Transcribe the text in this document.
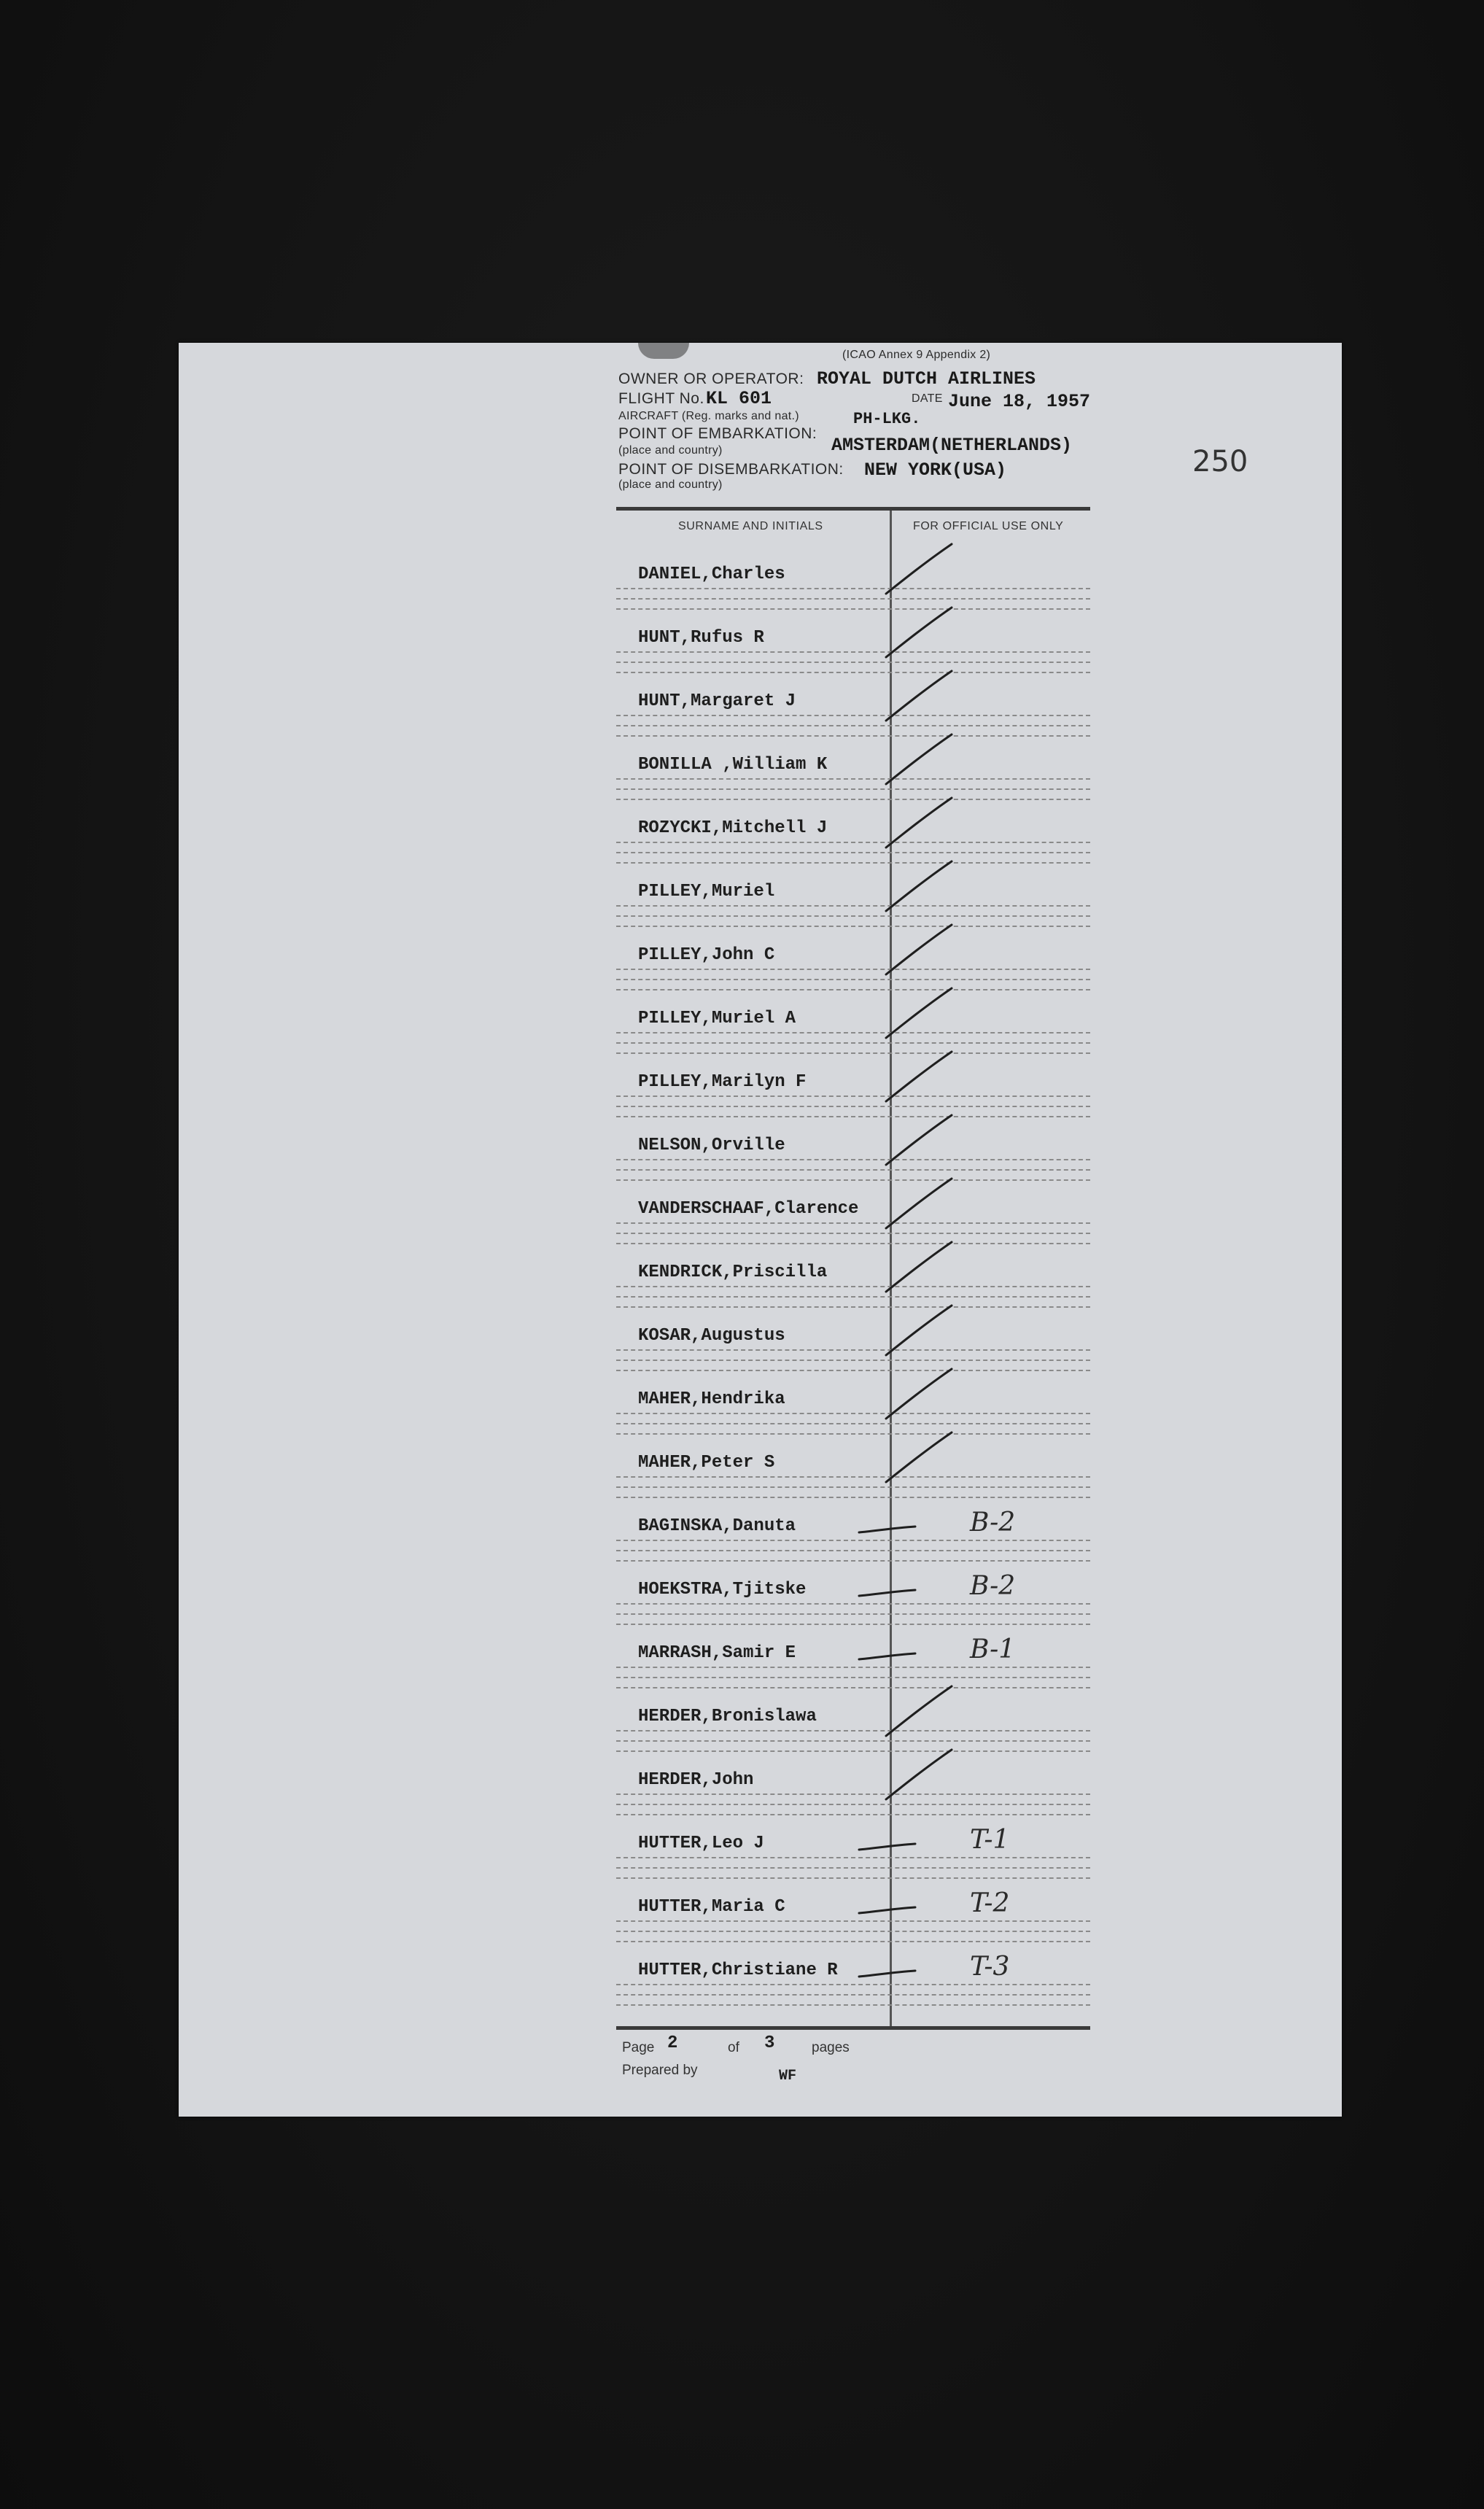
(ICAO Annex 9 Appendix 2)
OWNER OR OPERATOR: ROYAL DUTCH AIRLINES
FLIGHT No. KL 601	DATE June 18, 1957
AIRCRAFT (Reg. marks and nat.)	PH-LKG.
POINT OF EMBARKATION:
(place and country)	AMSTERDAM(NETHERLANDS)
POINT OF DISEMBARKATION:
(place and country)
NEW YORK(USA)	250
SURNAME AND INITIALS	FOR OFFICIAL USE ONLY
DANIEL,Charles
HUNT,Rufus R
HUNT,Margaret J
BONILLA ,William K
ROZYCKI,Mitchell J
PILLEY,Muriel
PILLEY,John C
PILLEY,Muriel A
PILLEY,Marilyn F
NELSON,Orville
VANDERSCHAAF,Clarence
KENDRICK,Priscilla
KOSAR,Augustus
MAHER,Hendrika
MAHER,Peter S
BAGINSKA,Danuta	B-2
HOEKSTRA,Tjitske	B-2
MARRASH,Samir E	B-1
HERDER,Bronislawa
HERDER,John
HUTTER,Leo J	T-1
HUTTER,Maria C	T-2
HUTTER,Christiane R	T-3
Page 2	of 3	pages
Prepared by	WF
